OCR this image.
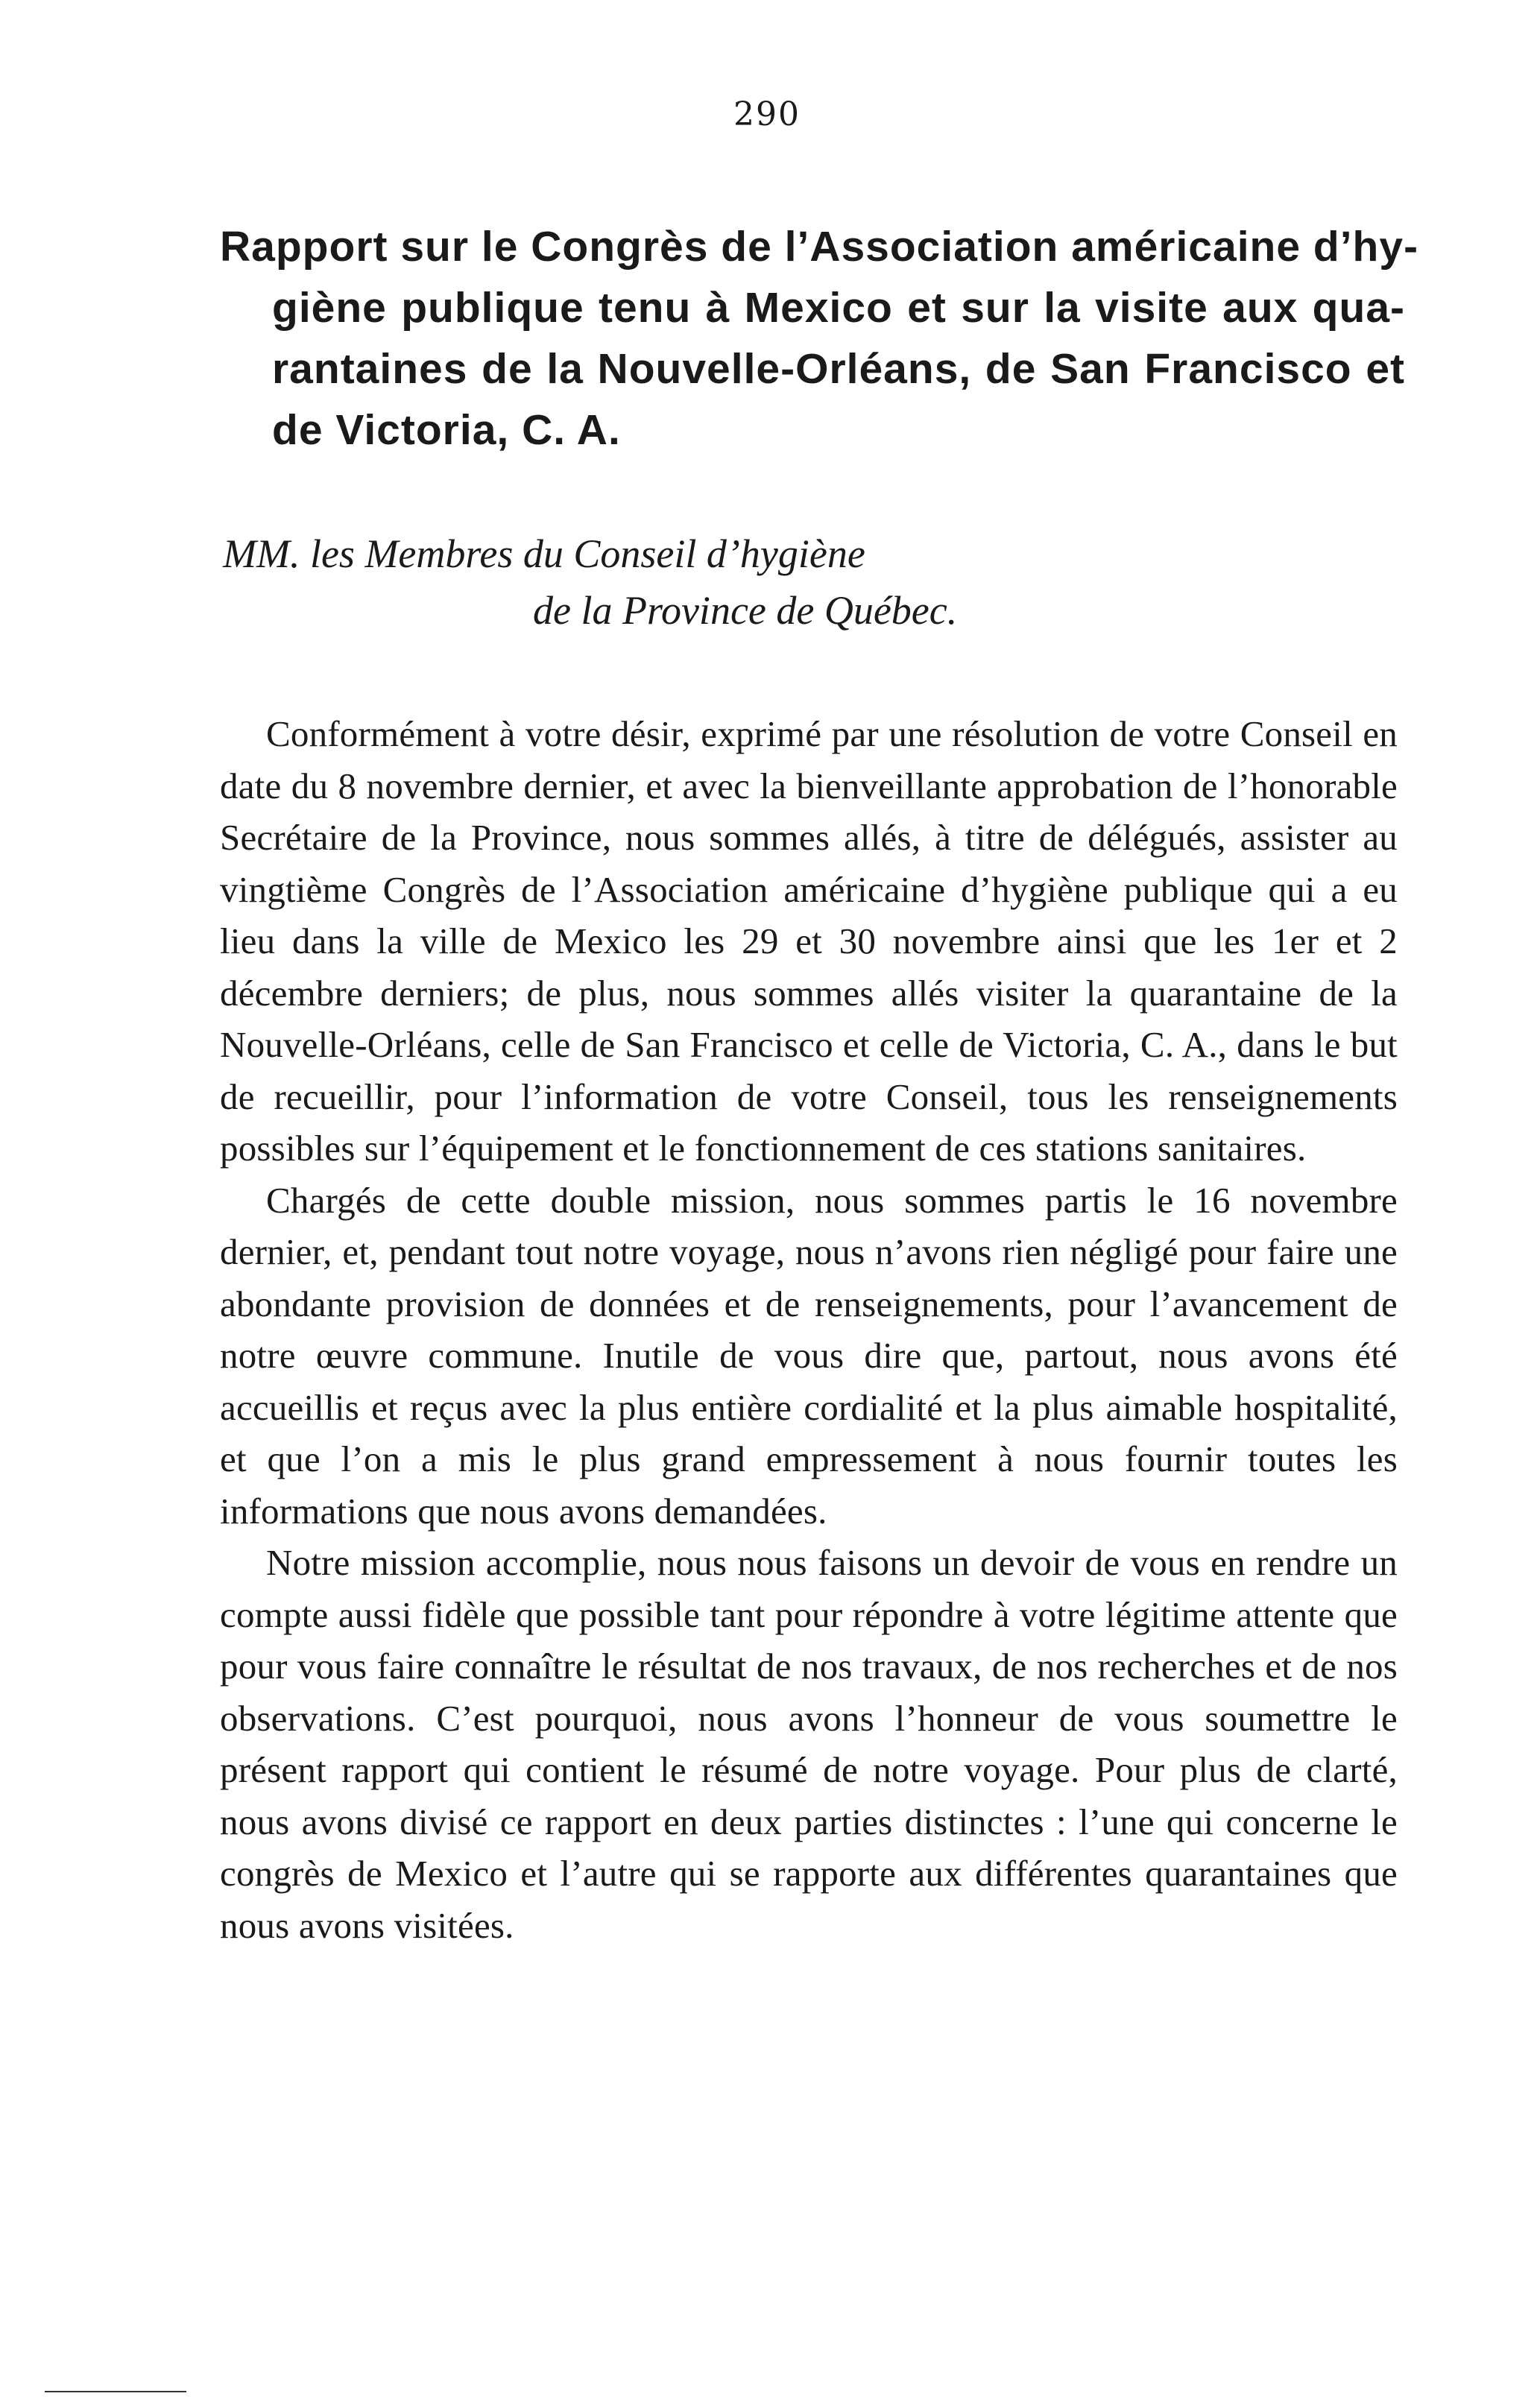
290
Rapport sur le Congrès de l’Association américaine d’hy-
giène publique tenu à Mexico et sur la visite aux qua-
rantaines de la Nouvelle-Orléans, de San Francisco et
de Victoria, C. A.
MM. les Membres du Conseil d’hygiène
de la Province de Québec.

Conformément à votre désir, exprimé par une résolution de votre Conseil en date du 8 novembre dernier, et avec la bienveillante approbation de l’honorable Secrétaire de la Province, nous sommes allés, à titre de délégués, assister au vingtième Congrès de l’Association américaine d’hygiène publique qui a eu lieu dans la ville de Mexico les 29 et 30 novembre ainsi que les 1er et 2 décembre derniers; de plus, nous sommes allés visiter la quarantaine de la Nouvelle-Orléans, celle de San Francisco et celle de Victoria, C. A., dans le but de recueillir, pour l’information de votre Conseil, tous les renseignements possibles sur l’équipement et le fonctionnement de ces stations sanitaires.

Chargés de cette double mission, nous sommes partis le 16 novembre dernier, et, pendant tout notre voyage, nous n’avons rien négligé pour faire une abondante provision de données et de renseignements, pour l’avancement de notre œuvre commune. Inutile de vous dire que, partout, nous avons été accueillis et reçus avec la plus entière cordialité et la plus aimable hospitalité, et que l’on a mis le plus grand empressement à nous fournir toutes les informations que nous avons demandées.

Notre mission accomplie, nous nous faisons un devoir de vous en rendre un compte aussi fidèle que possible tant pour répondre à votre légitime attente que pour vous faire connaître le résultat de nos travaux, de nos recherches et de nos observations. C’est pourquoi, nous avons l’honneur de vous soumettre le présent rapport qui contient le résumé de notre voyage. Pour plus de clarté, nous avons divisé ce rapport en deux parties distinctes : l’une qui concerne le congrès de Mexico et l’autre qui se rapporte aux différentes quarantaines que nous avons visitées.
